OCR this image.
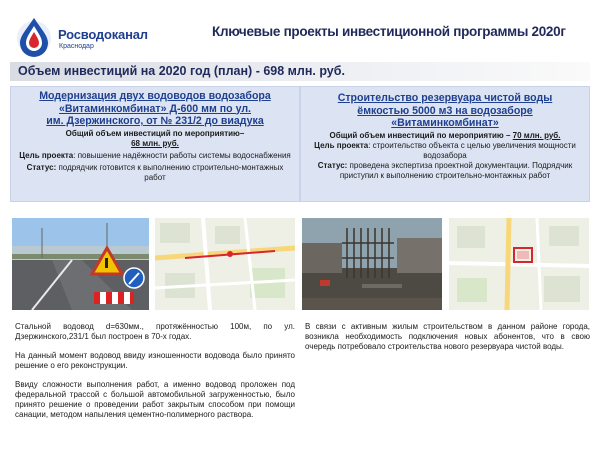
Росводоканал
Краснодар
Ключевые проекты инвестиционной программы 2020г
Объем инвестиций на 2020 год (план) - 698 млн. руб.
Модернизация двух водоводов водозабора
«Витаминкомбинат» Д-600 мм по ул.
им. Дзержинского, от № 231/2 до виадука
Общий объем инвестиций по мероприятию–
68 млн. руб.
Цель проекта: повышение надёжности работы системы водоснабжения
Статус: подрядчик готовится к выполнению строительно-монтажных работ
Строительство резервуара чистой воды
ёмкостью 5000 м3 на водозаборе
«Витаминкомбинат»
Общий объем инвестиций по мероприятию – 70 млн. руб.
Цель проекта: строительство объекта с целью увеличения мощности водозабора
Статус: проведена экспертиза проектной документации. Подрядчик приступил к выполнению строительно-монтажных работ

Стальной водовод d=630мм., протяжённостью 100м, по ул. Дзержинского,231/1 был построен в 70-х годах.

На данный момент водовод ввиду изношенности водовода было принято решение о его реконструкции.

Ввиду сложности выполнения работ, а именно водовод проложен под федеральной трассой с большой автомобильной загруженностью, было принято решение о проведении работ закрытым способом при помощи санации, методом напыления цементно-полимерного раствора.

В связи с активным жилым строительством в данном районе города, возникла необходимость подключения новых абонентов, что в свою очередь потребовало строительства нового резервуара чистой воды.
